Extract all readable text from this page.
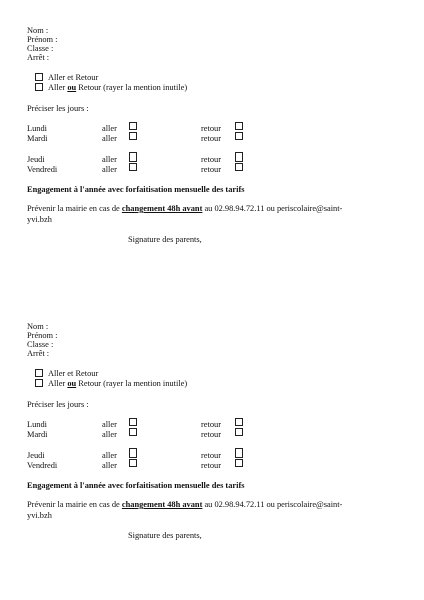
Nom :
Prénom :
Classe :
Arrêt :
Aller et Retour
Aller ou Retour (rayer la mention inutile)
Préciser les jours :
Lundi	aller	retour
Mardi	aller	retour
Jeudi	aller	retour
Vendredi	aller	retour
Engagement à l'année avec forfaitisation mensuelle des tarifs
Prévenir la mairie en cas de changement 48h avant au 02.98.94.72.11 ou periscolaire@saint-
yvi.bzh
Signature des parents,
Nom :
Prénom :
Classe :
Arrêt :
Aller et Retour
Aller ou Retour (rayer la mention inutile)
Préciser les jours :
Lundi	aller	retour
Mardi	aller	retour
Jeudi	aller	retour
Vendredi	aller	retour
Engagement à l'année avec forfaitisation mensuelle des tarifs
Prévenir la mairie en cas de changement 48h avant au 02.98.94.72.11 ou periscolaire@saint-
yvi.bzh
Signature des parents,
